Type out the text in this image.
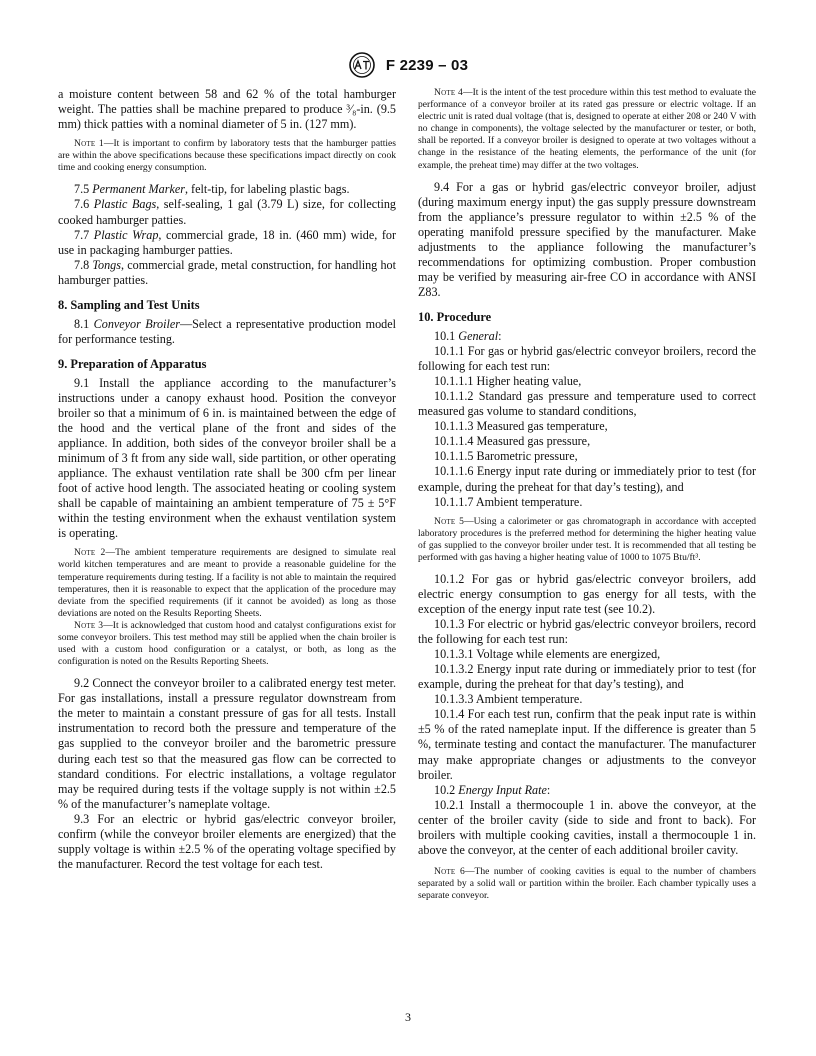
F 2239 – 03

a moisture content between 58 and 62 % of the total hamburger weight. The patties shall be machine prepared to produce ³⁄₈-in. (9.5 mm) thick patties with a nominal diameter of 5 in. (127 mm).

Note 1—It is important to confirm by laboratory tests that the hamburger patties are within the above specifications because these specifications impact directly on cook time and cooking energy consumption.

7.5 Permanent Marker, felt-tip, for labeling plastic bags.

7.6 Plastic Bags, self-sealing, 1 gal (3.79 L) size, for collecting cooked hamburger patties.

7.7 Plastic Wrap, commercial grade, 18 in. (460 mm) wide, for use in packaging hamburger patties.

7.8 Tongs, commercial grade, metal construction, for handling hot hamburger patties.

8. Sampling and Test Units

8.1 Conveyor Broiler—Select a representative production model for performance testing.

9. Preparation of Apparatus

9.1 Install the appliance according to the manufacturer’s instructions under a canopy exhaust hood. Position the conveyor broiler so that a minimum of 6 in. is maintained between the edge of the hood and the vertical plane of the front and sides of the appliance. In addition, both sides of the conveyor broiler shall be a minimum of 3 ft from any side wall, side partition, or other operating appliance. The exhaust ventilation rate shall be 300 cfm per linear foot of active hood length. The associated heating or cooling system shall be capable of maintaining an ambient temperature of 75 ± 5°F within the testing environment when the exhaust ventilation system is operating.

Note 2—The ambient temperature requirements are designed to simulate real world kitchen temperatures and are meant to provide a reasonable guideline for the temperature requirements during testing. If a facility is not able to maintain the required temperatures, then it is reasonable to expect that the application of the procedure may deviate from the specified requirements (if it cannot be avoided) as long as those deviations are noted on the Results Reporting Sheets.

Note 3—It is acknowledged that custom hood and catalyst configurations exist for some conveyor broilers. This test method may still be applied when the chain broiler is used with a custom hood configuration or a catalyst, or both, as long as the configuration is noted on the Results Reporting Sheets.

9.2 Connect the conveyor broiler to a calibrated energy test meter. For gas installations, install a pressure regulator downstream from the meter to maintain a constant pressure of gas for all tests. Install instrumentation to record both the pressure and temperature of the gas supplied to the conveyor broiler and the barometric pressure during each test so that the measured gas flow can be corrected to standard conditions. For electric installations, a voltage regulator may be required during tests if the voltage supply is not within ±2.5 % of the manufacturer’s nameplate voltage.

9.3 For an electric or hybrid gas/electric conveyor broiler, confirm (while the conveyor broiler elements are energized) that the supply voltage is within ±2.5 % of the operating voltage specified by the manufacturer. Record the test voltage for each test.

Note 4—It is the intent of the test procedure within this test method to evaluate the performance of a conveyor broiler at its rated gas pressure or electric voltage. If an electric unit is rated dual voltage (that is, designed to operate at either 208 or 240 V with no change in components), the voltage selected by the manufacturer or tester, or both, shall be reported. If a conveyor broiler is designed to operate at two voltages without a change in the resistance of the heating elements, the performance of the unit (for example, the preheat time) may differ at the two voltages.

9.4 For a gas or hybrid gas/electric conveyor broiler, adjust (during maximum energy input) the gas supply pressure downstream from the appliance’s pressure regulator to within ±2.5 % of the operating manifold pressure specified by the manufacturer. Make adjustments to the appliance following the manufacturer’s recommendations for optimizing combustion. Proper combustion may be verified by measuring air-free CO in accordance with ANSI Z83.

10. Procedure

10.1 General:

10.1.1 For gas or hybrid gas/electric conveyor broilers, record the following for each test run:

10.1.1.1 Higher heating value,

10.1.1.2 Standard gas pressure and temperature used to correct measured gas volume to standard conditions,

10.1.1.3 Measured gas temperature,

10.1.1.4 Measured gas pressure,

10.1.1.5 Barometric pressure,

10.1.1.6 Energy input rate during or immediately prior to test (for example, during the preheat for that day’s testing), and

10.1.1.7 Ambient temperature.

Note 5—Using a calorimeter or gas chromatograph in accordance with accepted laboratory procedures is the preferred method for determining the higher heating value of gas supplied to the conveyor broiler under test. It is recommended that all testing be performed with gas having a higher heating value of 1000 to 1075 Btu/ft³.

10.1.2 For gas or hybrid gas/electric conveyor broilers, add electric energy consumption to gas energy for all tests, with the exception of the energy input rate test (see 10.2).

10.1.3 For electric or hybrid gas/electric conveyor broilers, record the following for each test run:

10.1.3.1 Voltage while elements are energized,

10.1.3.2 Energy input rate during or immediately prior to test (for example, during the preheat for that day’s testing), and

10.1.3.3 Ambient temperature.

10.1.4 For each test run, confirm that the peak input rate is within ±5 % of the rated nameplate input. If the difference is greater than 5 %, terminate testing and contact the manufacturer. The manufacturer may make appropriate changes or adjustments to the conveyor broiler.

10.2 Energy Input Rate:

10.2.1 Install a thermocouple 1 in. above the conveyor, at the center of the broiler cavity (side to side and front to back). For broilers with multiple cooking cavities, install a thermocouple 1 in. above the conveyor, at the center of each additional broiler cavity.

Note 6—The number of cooking cavities is equal to the number of chambers separated by a solid wall or partition within the broiler. Each chamber typically uses a separate conveyor.

3
